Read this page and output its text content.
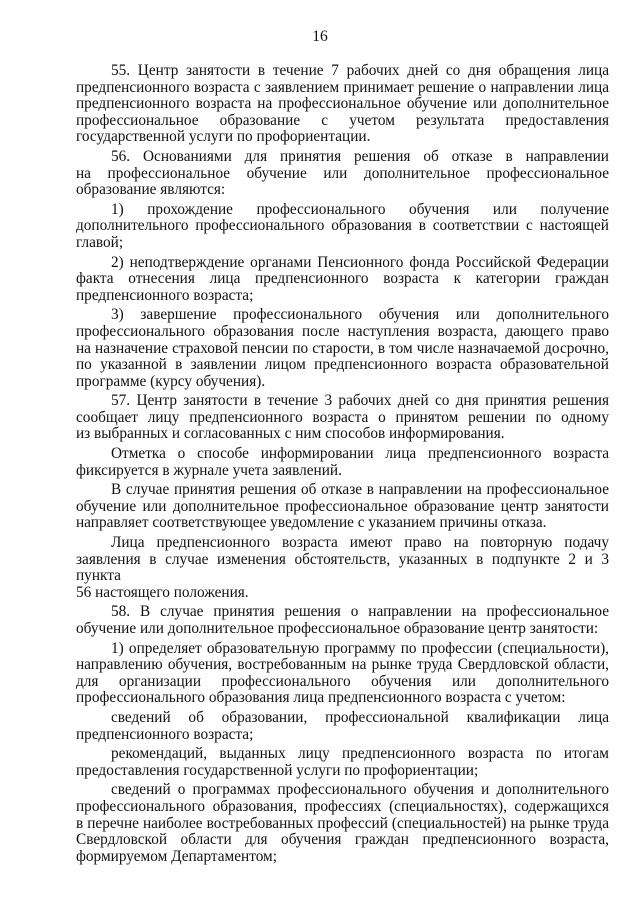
16
55. Центр занятости в течение 7 рабочих дней со дня обращения лица
предпенсионного возраста с заявлением принимает решение о направлении лица
предпенсионного возраста на профессиональное обучение или дополнительное
профессиональное образование с учетом результата предоставления
государственной услуги по профориентации.
56. Основаниями для принятия решения об отказе в направлении
на профессиональное обучение или дополнительное профессиональное
образование являются:
1) прохождение профессионального обучения или получение
дополнительного профессионального образования в соответствии с настоящей
главой;
2) неподтверждение органами Пенсионного фонда Российской Федерации
факта отнесения лица предпенсионного возраста к категории граждан
предпенсионного возраста;
3) завершение профессионального обучения или дополнительного
профессионального образования после наступления возраста, дающего право
на назначение страховой пенсии по старости, в том числе назначаемой досрочно,
по указанной в заявлении лицом предпенсионного возраста образовательной
программе (курсу обучения).
57. Центр занятости в течение 3 рабочих дней со дня принятия решения
сообщает лицу предпенсионного возраста о принятом решении по одному
из выбранных и согласованных с ним способов информирования.
Отметка о способе информировании лица предпенсионного возраста
фиксируется в журнале учета заявлений.
В случае принятия решения об отказе в направлении на профессиональное
обучение или дополнительное профессиональное образование центр занятости
направляет соответствующее уведомление с указанием причины отказа.
Лица предпенсионного возраста имеют право на повторную подачу
заявления в случае изменения обстоятельств, указанных в подпункте 2 и 3 пункта
56 настоящего положения.
58. В случае принятия решения о направлении на профессиональное
обучение или дополнительное профессиональное образование центр занятости:
1) определяет образовательную программу по профессии (специальности),
направлению обучения, востребованным на рынке труда Свердловской области,
для организации профессионального обучения или дополнительного
профессионального образования лица предпенсионного возраста с учетом:
сведений об образовании, профессиональной квалификации лица
предпенсионного возраста;
рекомендаций, выданных лицу предпенсионного возраста по итогам
предоставления государственной услуги по профориентации;
сведений о программах профессионального обучения и дополнительного
профессионального образования, профессиях (специальностях), содержащихся
в перечне наиболее востребованных профессий (специальностей) на рынке труда
Свердловской области для обучения граждан предпенсионного возраста,
формируемом Департаментом;
